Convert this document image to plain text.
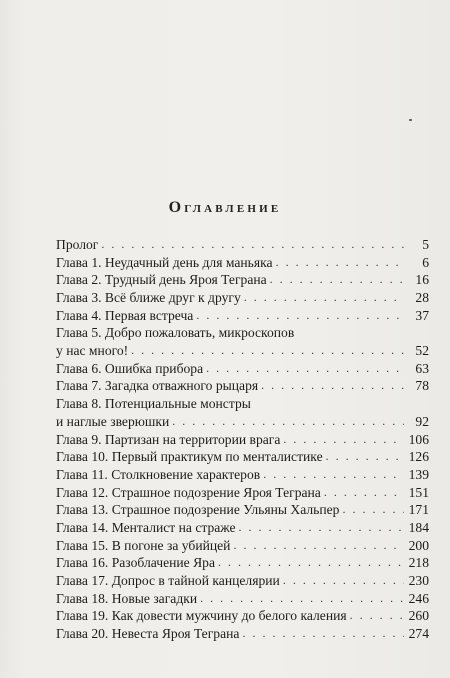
Оглавление
Пролог . . .	5
Глава 1. Неудачный день для маньяка . . .	6
Глава 2. Трудный день Яроя Теграна . . .	16
Глава 3. Всё ближе друг к другу . . .	28
Глава 4. Первая встреча . . .	37
Глава 5. Добро пожаловать, микроскопов
у нас много! . . .	52
Глава 6. Ошибка прибора . . .	63
Глава 7. Загадка отважного рыцаря . . .	78
Глава 8. Потенциальные монстры
и наглые зверюшки . . .	92
Глава 9. Партизан на территории врага . . .	106
Глава 10. Первый практикум по менталистике . . .	126
Глава 11. Столкновение характеров . . .	139
Глава 12. Страшное подозрение Яроя Теграна . . .	151
Глава 13. Страшное подозрение Ульяны Хальпер . . .	171
Глава 14. Менталист на страже . . .	184
Глава 15. В погоне за убийцей . . .	200
Глава 16. Разоблачение Яра . . .	218
Глава 17. Допрос в тайной канцелярии . . .	230
Глава 18. Новые загадки . . .	246
Глава 19. Как довести мужчину до белого каления . . .	260
Глава 20. Невеста Яроя Теграна . . .	274
